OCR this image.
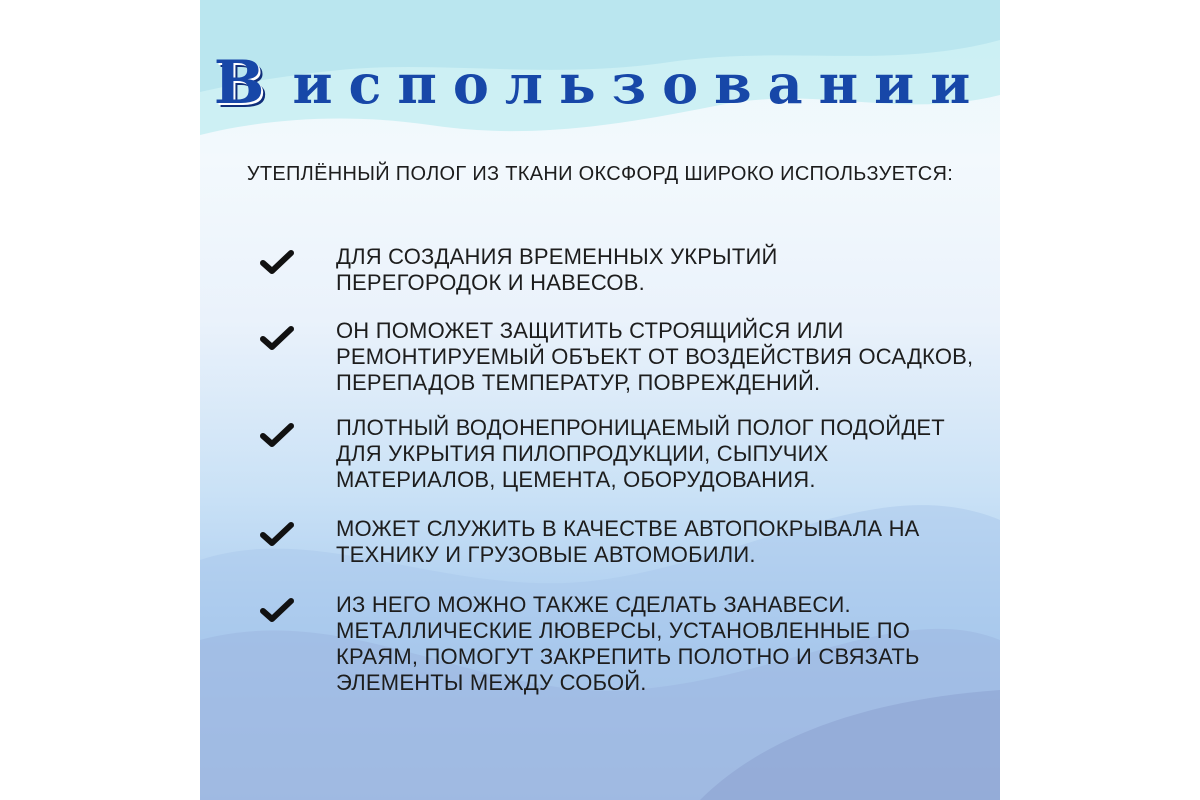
В использовании

УТЕПЛЁННЫЙ ПОЛОГ ИЗ ТКАНИ ОКСФОРД ШИРОКО ИСПОЛЬЗУЕТСЯ:

ДЛЯ СОЗДАНИЯ ВРЕМЕННЫХ УКРЫТИЙ
ПЕРЕГОРОДОК И НАВЕСОВ.
ОН ПОМОЖЕТ ЗАЩИТИТЬ СТРОЯЩИЙСЯ ИЛИ
РЕМОНТИРУЕМЫЙ ОБЪЕКТ ОТ ВОЗДЕЙСТВИЯ ОСАДКОВ,
ПЕРЕПАДОВ ТЕМПЕРАТУР, ПОВРЕЖДЕНИЙ.
ПЛОТНЫЙ ВОДОНЕПРОНИЦАЕМЫЙ ПОЛОГ ПОДОЙДЕТ
ДЛЯ УКРЫТИЯ ПИЛОПРОДУКЦИИ, СЫПУЧИХ
МАТЕРИАЛОВ, ЦЕМЕНТА, ОБОРУДОВАНИЯ.
МОЖЕТ СЛУЖИТЬ В КАЧЕСТВЕ АВТОПОКРЫВАЛА НА
ТЕХНИКУ И ГРУЗОВЫЕ АВТОМОБИЛИ.
ИЗ НЕГО МОЖНО ТАКЖЕ СДЕЛАТЬ ЗАНАВЕСИ.
МЕТАЛЛИЧЕСКИЕ ЛЮВЕРСЫ, УСТАНОВЛЕННЫЕ ПО
КРАЯМ, ПОМОГУТ ЗАКРЕПИТЬ ПОЛОТНО И СВЯЗАТЬ
ЭЛЕМЕНТЫ МЕЖДУ СОБОЙ.
